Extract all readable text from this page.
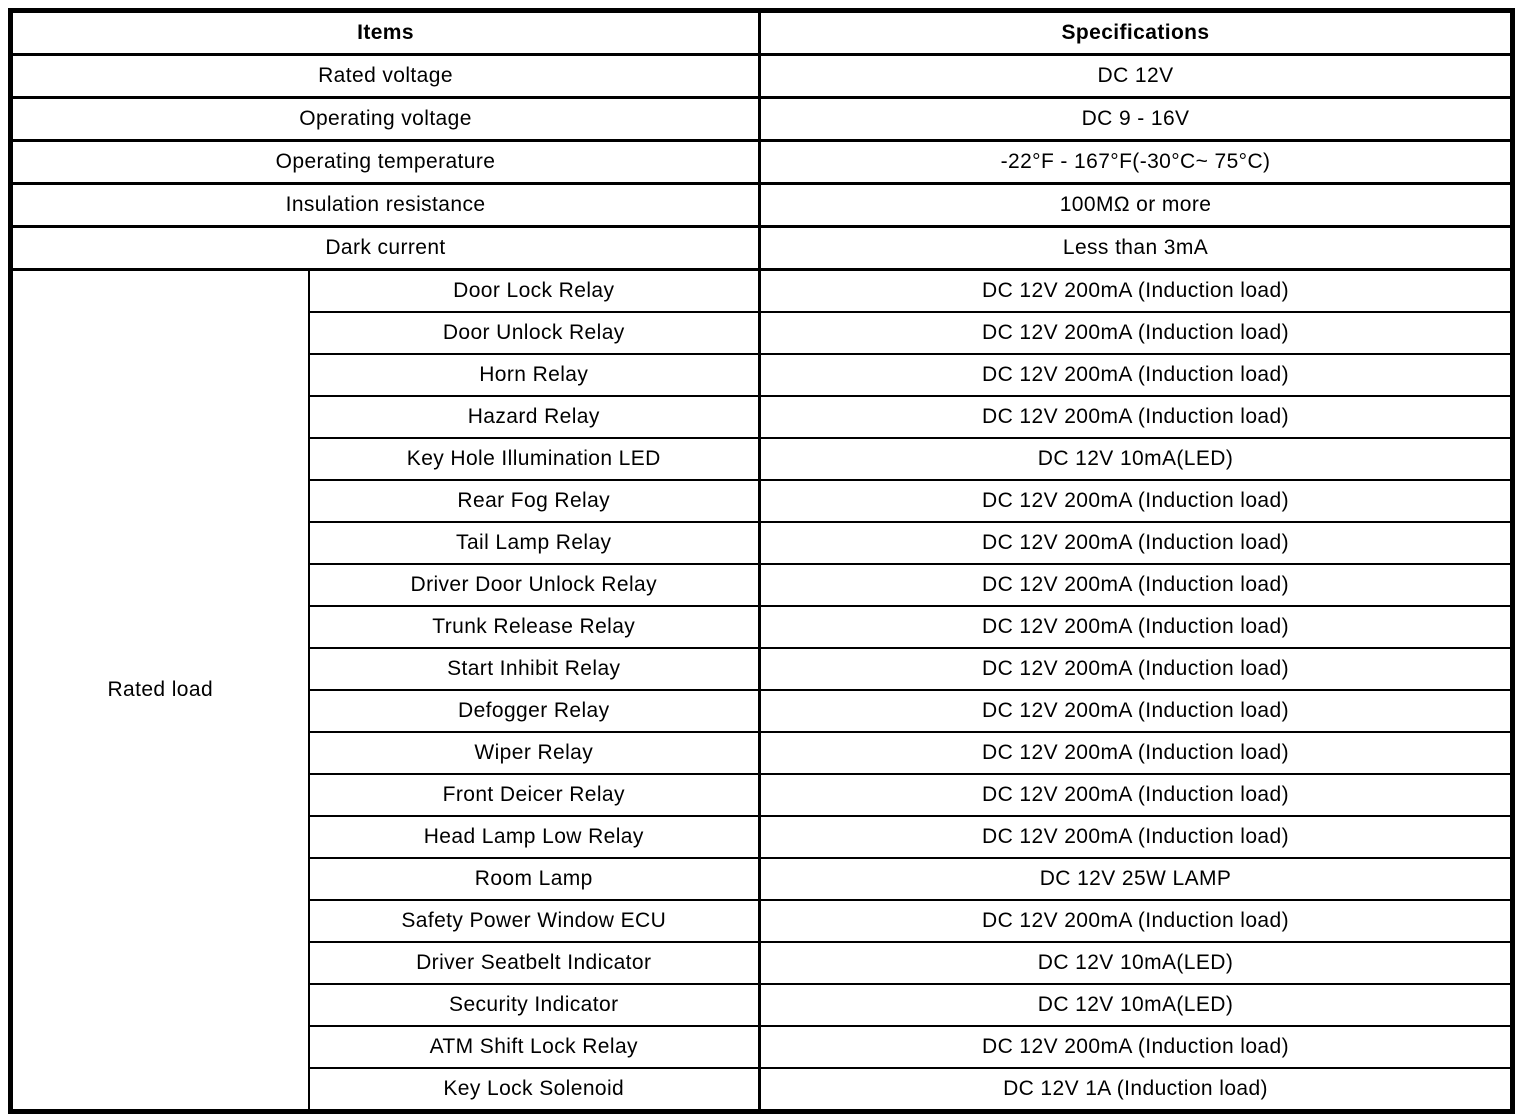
Items		Specifications
Rated voltage		DC 12V
Operating voltage		DC 9 - 16V
Operating temperature		-22°F - 167°F(-30°C~ 75°C)
Insulation resistance		100MΩ or more
Dark current		Less than 3mA
Rated load	Door Lock Relay	DC 12V 200mA (Induction load)
	Door Unlock Relay	DC 12V 200mA (Induction load)
	Horn Relay	DC 12V 200mA (Induction load)
	Hazard Relay	DC 12V 200mA (Induction load)
	Key Hole Illumination LED	DC 12V 10mA(LED)
	Rear Fog Relay	DC 12V 200mA (Induction load)
	Tail Lamp Relay	DC 12V 200mA (Induction load)
	Driver Door Unlock Relay	DC 12V 200mA (Induction load)
	Trunk Release Relay	DC 12V 200mA (Induction load)
	Start Inhibit Relay	DC 12V 200mA (Induction load)
	Defogger Relay	DC 12V 200mA (Induction load)
	Wiper Relay	DC 12V 200mA (Induction load)
	Front Deicer Relay	DC 12V 200mA (Induction load)
	Head Lamp Low Relay	DC 12V 200mA (Induction load)
	Room Lamp	DC 12V 25W LAMP
	Safety Power Window ECU	DC 12V 200mA (Induction load)
	Driver Seatbelt Indicator	DC 12V 10mA(LED)
	Security Indicator	DC 12V 10mA(LED)
	ATM Shift Lock Relay	DC 12V 200mA (Induction load)
	Key Lock Solenoid	DC 12V 1A (Induction load)
